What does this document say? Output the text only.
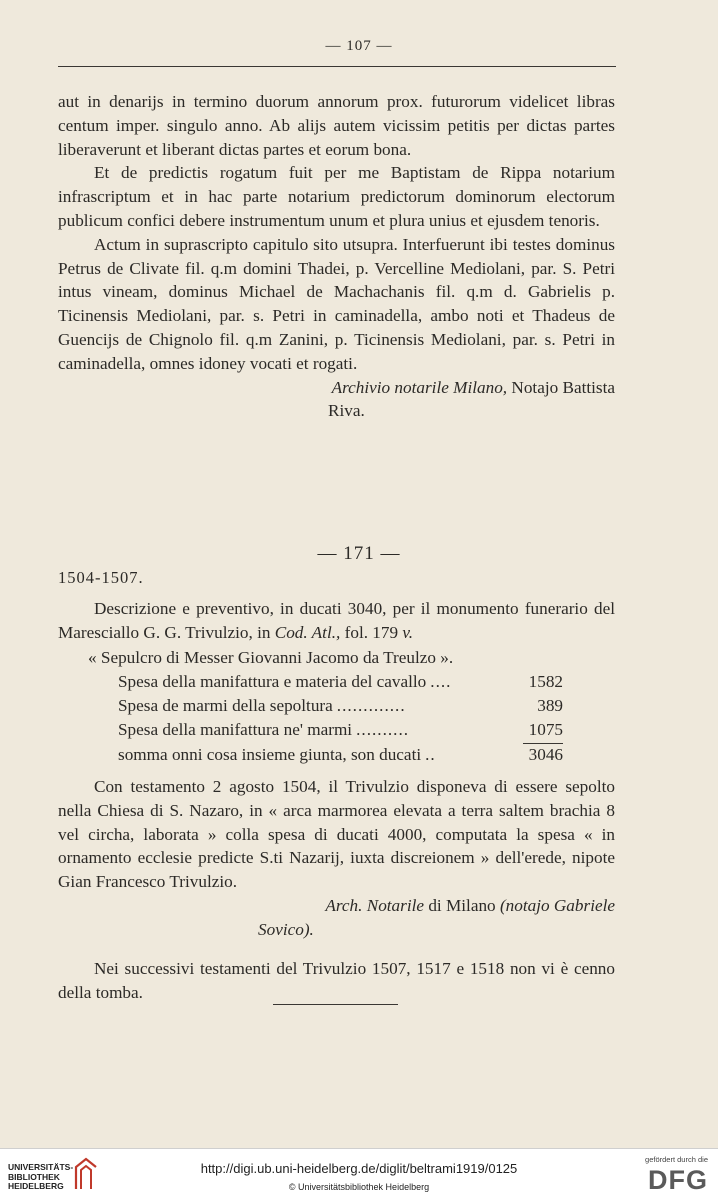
— 107 —

aut in denarijs in termino duorum annorum prox. futurorum videlicet libras centum imper. singulo anno. Ab alijs autem vicissim petitis per dictas partes liberaverunt et liberant dictas partes et eorum bona.

Et de predictis rogatum fuit per me Baptistam de Rippa notarium infrascriptum et in hac parte notarium predictorum dominorum electorum publicum confici debere instrumentum unum et plura unius et ejusdem tenoris.

Actum in suprascripto capitulo sito utsupra. Interfuerunt ibi testes dominus Petrus de Clivate fil. q.m domini Thadei, p. Vercelline Mediolani, par. S. Petri intus vineam, dominus Michael de Machachanis fil. q.m d. Gabrielis p. Ticinensis Mediolani, par. s. Petri in caminadella, ambo noti et Thadeus de Guencijs de Chignolo fil. q.m Zanini, p. Ticinensis Mediolani, par. s. Petri in caminadella, omnes idoney vocati et rogati.

Archivio notarile Milano, Notajo Battista

Riva.

— 171 —
1504-1507.

Descrizione e preventivo, in ducati 3040, per il monumento funerario del Maresciallo G. G. Trivulzio, in Cod. Atl., fol. 179 v.

« Sepulcro di Messer Giovanni Jacomo da Treulzo ».
Spesa della manifattura e materia del cavallo ....	1582
Spesa de marmi della sepoltura .............	389
Spesa della manifattura ne' marmi ..........	1075
somma onni cosa insieme giunta, son ducati ..	3046

Con testamento 2 agosto 1504, il Trivulzio disponeva di essere sepolto nella Chiesa di S. Nazaro, in « arca marmorea elevata a terra saltem brachia 8 vel circha, laborata » colla spesa di ducati 4000, computata la spesa « in ornamento ecclesie predicte S.ti Nazarij, iuxta discreionem » dell'erede, nipote Gian Francesco Trivulzio.

Arch. Notarile di Milano (notajo Gabriele

Sovico).

Nei successivi testamenti del Trivulzio 1507, 1517 e 1518 non vi è cenno della tomba.

UNIVERSITÄTS-
BIBLIOTHEK
HEIDELBERG
http://digi.ub.uni-heidelberg.de/diglit/beltrami1919/0125
© Universitätsbibliothek Heidelberg
gefördert durch die
DFG
